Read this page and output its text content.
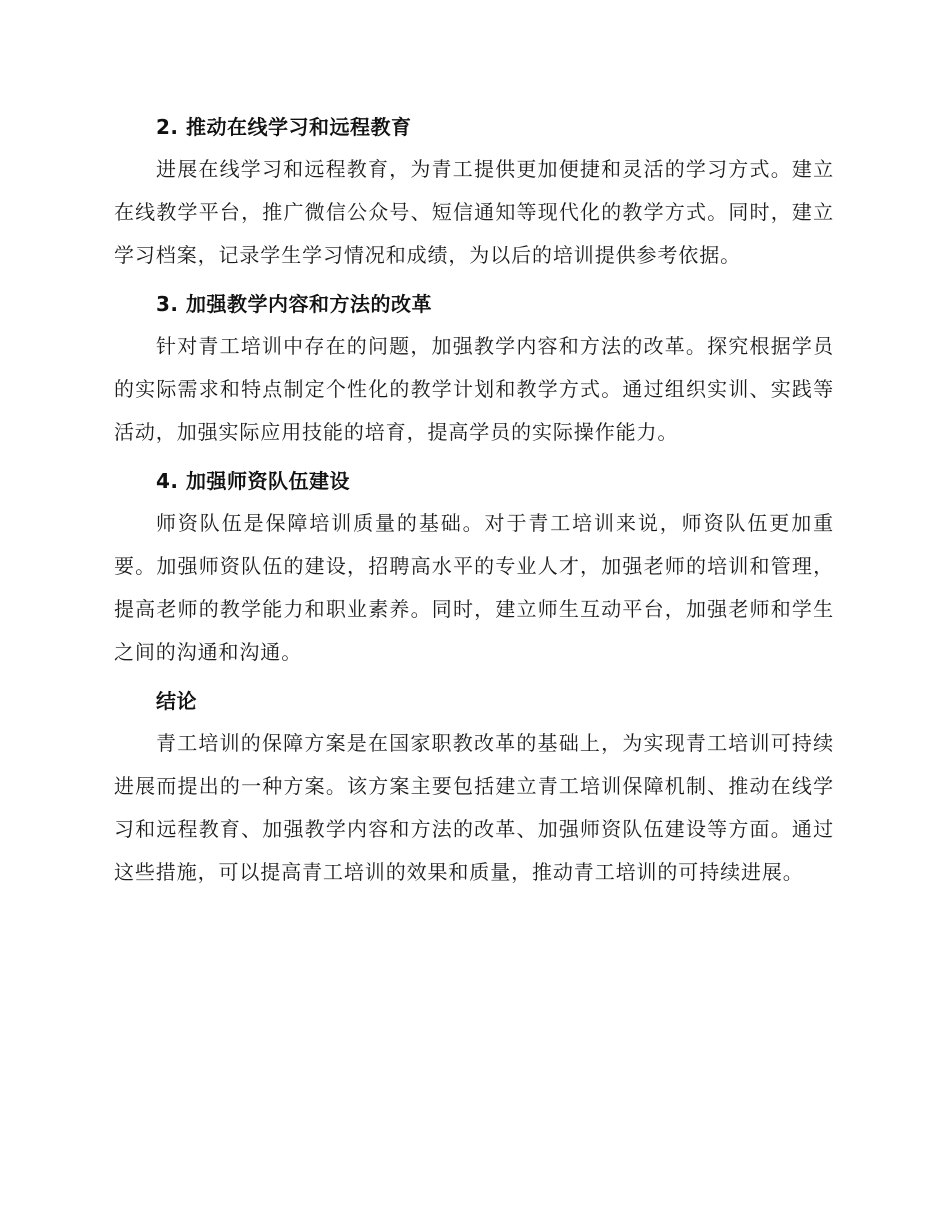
2. 推动在线学习和远程教育

进展在线学习和远程教育，为青工提供更加便捷和灵活的学习方式。建立在线教学平台，推广微信公众号、短信通知等现代化的教学方式。同时，建立学习档案，记录学生学习情况和成绩，为以后的培训提供参考依据。

3. 加强教学内容和方法的改革

针对青工培训中存在的问题，加强教学内容和方法的改革。探究根据学员的实际需求和特点制定个性化的教学计划和教学方式。通过组织实训、实践等活动，加强实际应用技能的培育，提高学员的实际操作能力。

4. 加强师资队伍建设

师资队伍是保障培训质量的基础。对于青工培训来说，师资队伍更加重要。加强师资队伍的建设，招聘高水平的专业人才，加强老师的培训和管理，提高老师的教学能力和职业素养。同时，建立师生互动平台，加强老师和学生之间的沟通和沟通。

结论

青工培训的保障方案是在国家职教改革的基础上，为实现青工培训可持续进展而提出的一种方案。该方案主要包括建立青工培训保障机制、推动在线学习和远程教育、加强教学内容和方法的改革、加强师资队伍建设等方面。通过这些措施，可以提高青工培训的效果和质量，推动青工培训的可持续进展。
